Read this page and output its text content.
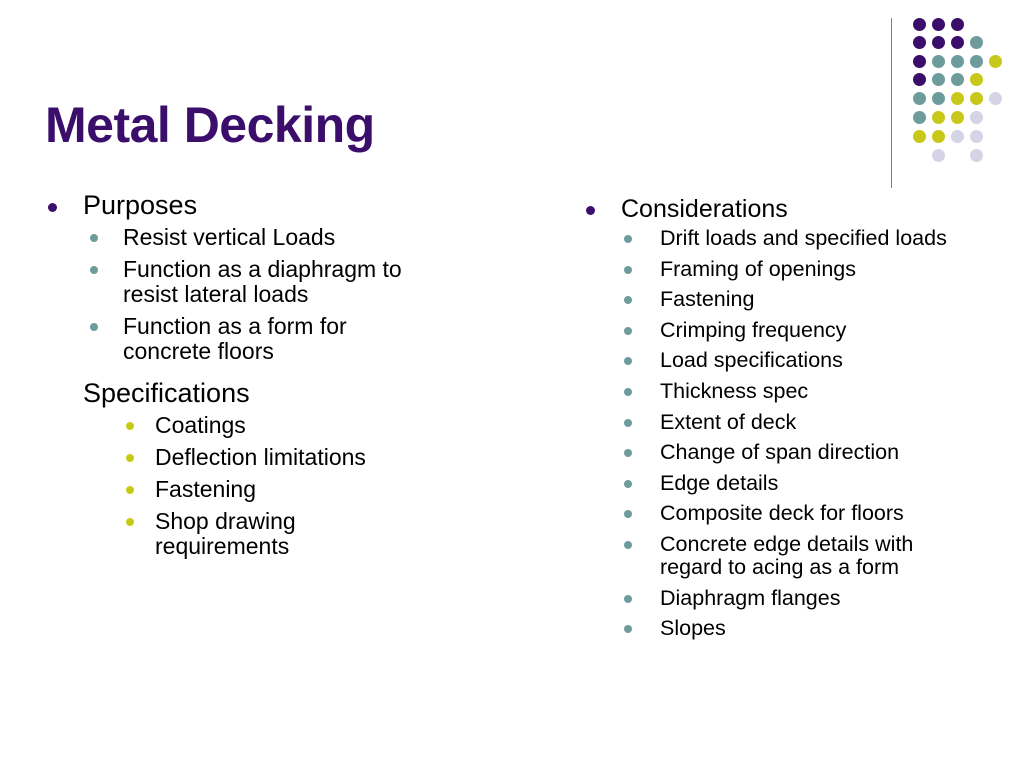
Metal Decking
Purposes
Resist vertical Loads
Function as a diaphragm to resist lateral loads
Function as a form for concrete floors
Specifications
Coatings
Deflection limitations
Fastening
Shop drawing requirements
Considerations
Drift loads and specified loads
Framing of openings
Fastening
Crimping frequency
Load specifications
Thickness spec
Extent of deck
Change of span direction
Edge details
Composite deck for floors
Concrete edge details with regard to acing as a form
Diaphragm flanges
Slopes
